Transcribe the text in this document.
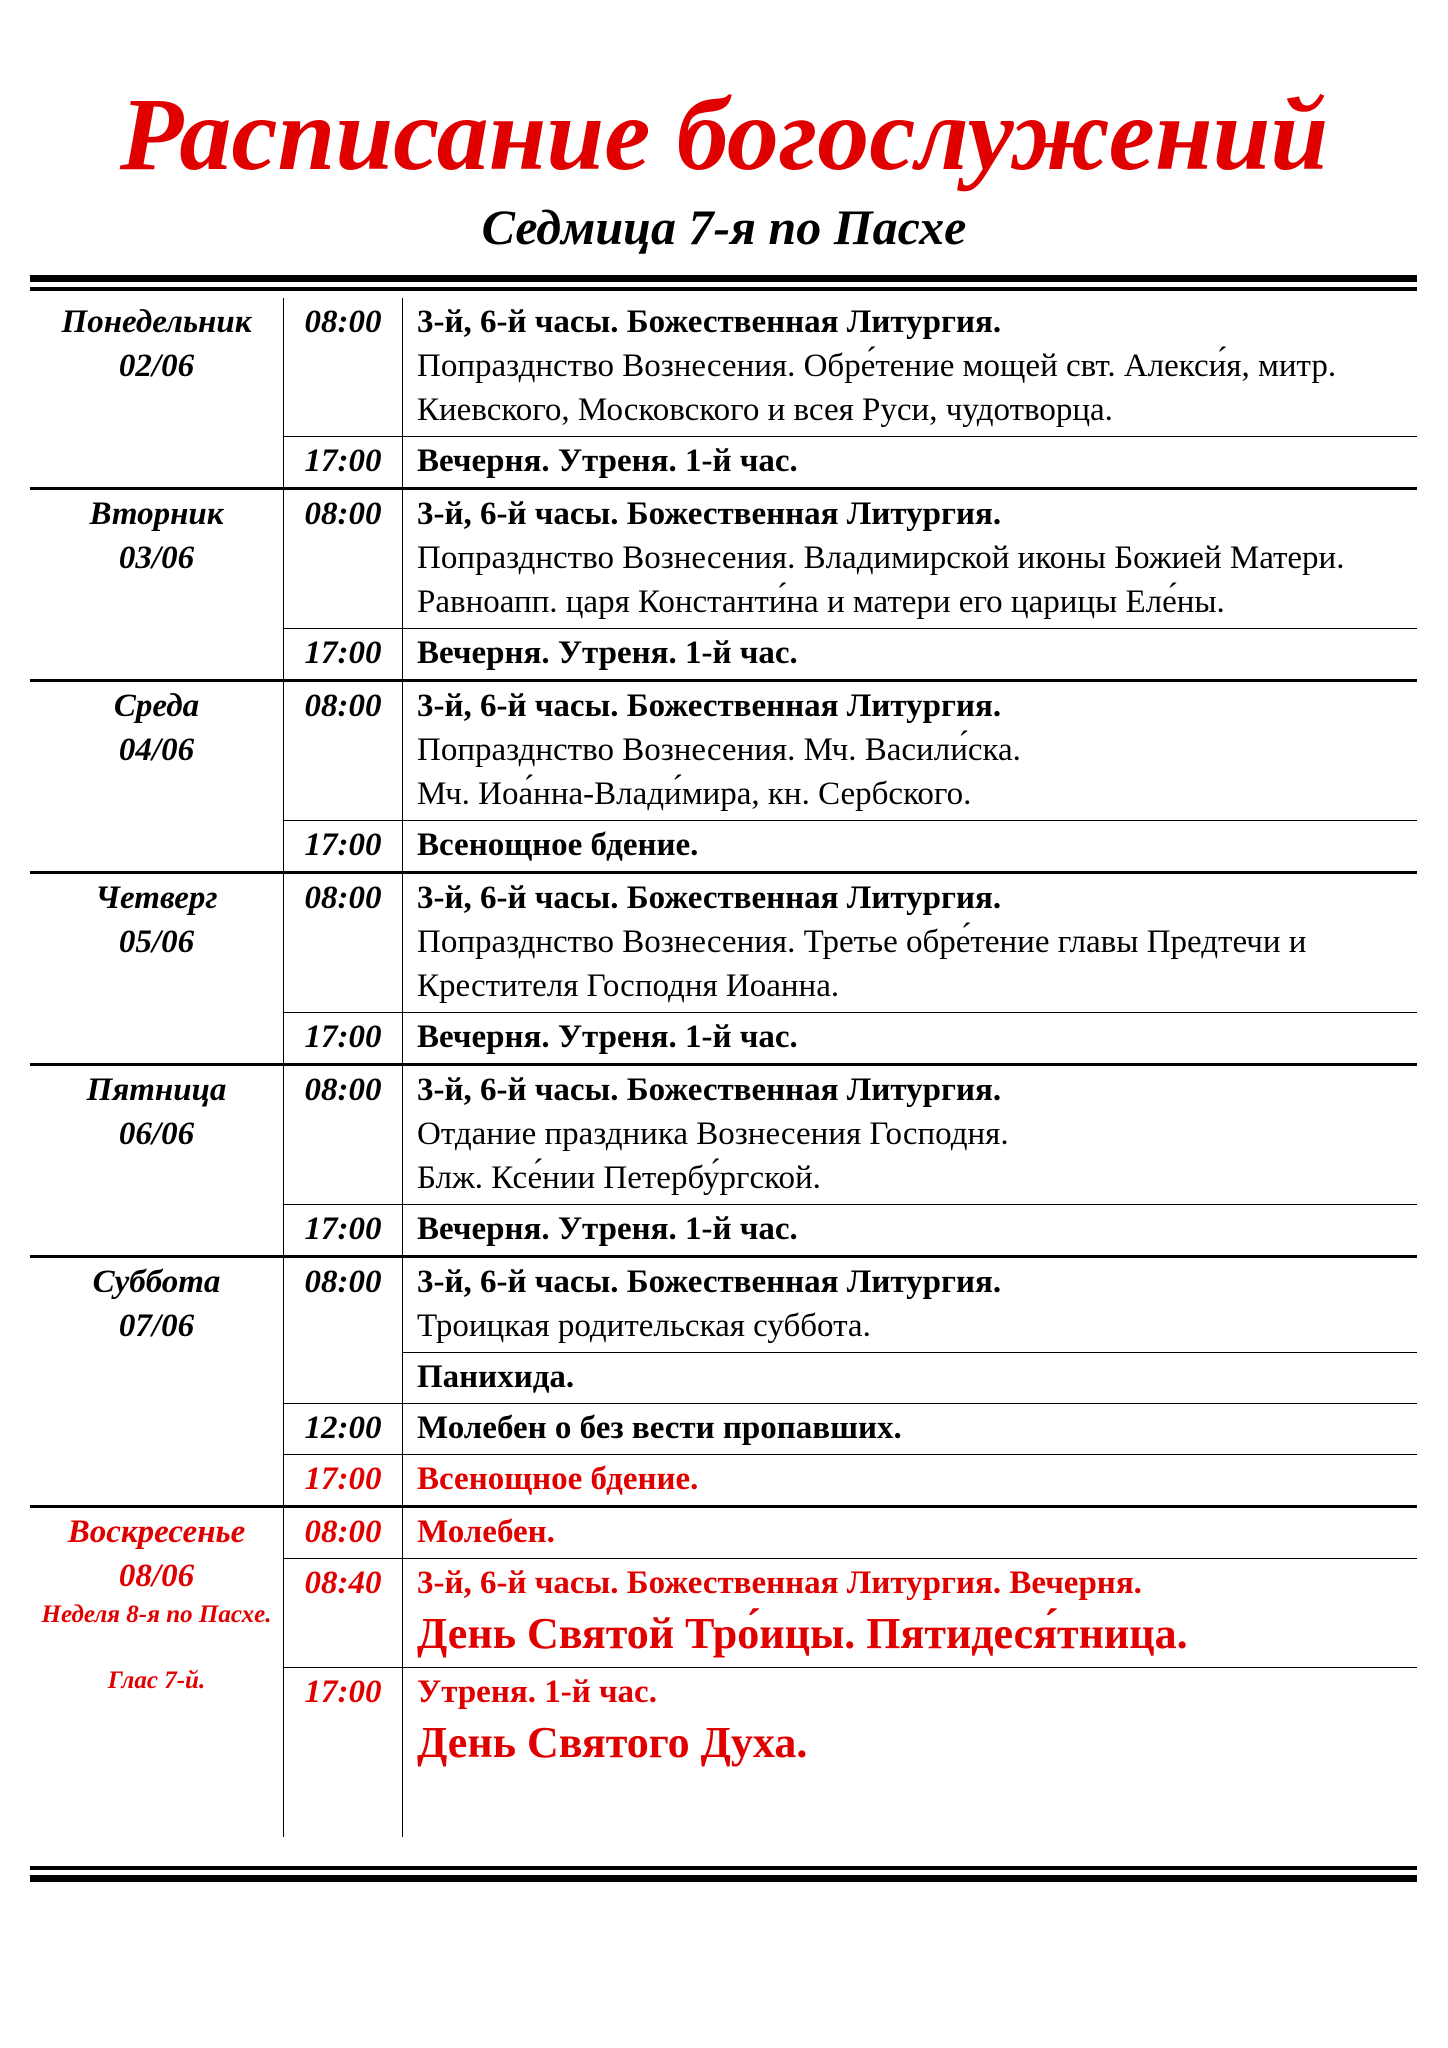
Расписание богослужений
Седмица 7-я по Пасхе
Понедельник
02/06	08:00	3-й, 6-й часы. Божественная Литургия.
Попразднство Вознесения. Обре́тение мощей свт. Алекси́я, митр. Киевского, Московского и всея Руси, чудотворца.

	17:00	Вечерня. Утреня. 1-й час.

Вторник
03/06	08:00	3-й, 6-й часы. Божественная Литургия.
Попразднство Вознесения. Владимирской иконы Божией Матери. Равноапп. царя Константи́на и матери его царицы Еле́ны.

	17:00	Вечерня. Утреня. 1-й час.

Среда
04/06	08:00	3-й, 6-й часы. Божественная Литургия.
Попразднство Вознесения. Мч. Васили́ска.
Мч. Иоа́нна-Влади́мира, кн. Сербского.

	17:00	Всенощное бдение.

Четверг
05/06	08:00	3-й, 6-й часы. Божественная Литургия.
Попразднство Вознесения. Третье обре́тение главы Предтечи и Крестителя Господня Иоанна.

	17:00	Вечерня. Утреня. 1-й час.

Пятница
06/06	08:00	3-й, 6-й часы. Божественная Литургия.
Отдание праздника Вознесения Господня.
Блж. Ксе́нии Петербу́ргской.

	17:00	Вечерня. Утреня. 1-й час.

Суббота
07/06	08:00	3-й, 6-й часы. Божественная Литургия.
Троицкая родительская суббота.

		Панихида.

	12:00	Молебен о без вести пропавших.

	17:00	Всенощное бдение.

Воскресенье
08/06
Неделя 8-я по Пасхе.
Глас 7-й.	08:00	Молебен.

	08:40	3-й, 6-й часы. Божественная Литургия. Вечерня.
День Святой Тро́ицы. Пятидеся́тница.

	17:00	Утреня. 1-й час.
День Святого Духа.
